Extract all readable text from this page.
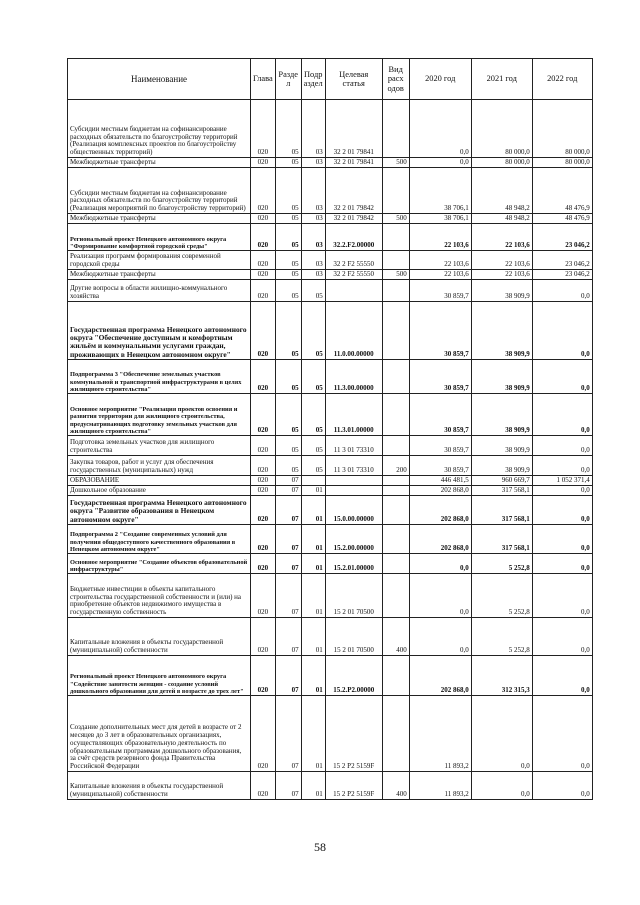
Наименование	Глава	Разде л	Подр аздел	Целевая статья	Вид расх одов	2020 год	2021 год	2022 год
Субсидии местным бюджетам на софинансирование расходных обязательств по благоустройству территорий (Реализация комплексных проектов по благоустройству общественных территорий)	020	05	03	32 2 01 79841		0,0	80 000,0	80 000,0
Межбюджетные трансферты	020	05	03	32 2 01 79841	500	0,0	80 000,0	80 000,0
Субсидии местным бюджетам на софинансирование расходных обязательств по благоустройству территорий (Реализация мероприятий по благоустройству территорий)	020	05	03	32 2 01 79842		38 706,1	48 948,2	48 476,9
Межбюджетные трансферты	020	05	03	32 2 01 79842	500	38 706,1	48 948,2	48 476,9
Региональный проект Ненецкого автономного округа "Формирование комфортной городской среды"	020	05	03	32.2.F2.00000		22 103,6	22 103,6	23 046,2
Реализация программ формирования современной городской среды	020	05	03	32 2 F2 55550		22 103,6	22 103,6	23 046,2
Межбюджетные трансферты	020	05	03	32 2 F2 55550	500	22 103,6	22 103,6	23 046,2
Другие вопросы в области жилищно-коммунального хозяйства	020	05	05			30 859,7	38 909,9	0,0
Государственная программа Ненецкого автономного округа "Обеспечение доступным и комфортным жильём и коммунальными услугами граждан, проживающих в Ненецком автономном округе"	020	05	05	11.0.00.00000		30 859,7	38 909,9	0,0
Подпрограмма 3 "Обеспечение земельных участков коммунальной и транспортной инфраструктурами в целях жилищного строительства"	020	05	05	11.3.00.00000		30 859,7	38 909,9	0,0
Основное мероприятие "Реализация проектов освоения и развития территории для жилищного строительства, предусматривающих подготовку земельных участков для жилищного строительства"	020	05	05	11.3.01.00000		30 859,7	38 909,9	0,0
Подготовка земельных участков для жилищного строительства	020	05	05	11 3 01 73310		30 859,7	38 909,9	0,0
Закупка товаров, работ и услуг для обеспечения государственных (муниципальных) нужд	020	05	05	11 3 01 73310	200	30 859,7	38 909,9	0,0
ОБРАЗОВАНИЕ	020	07				446 481,5	960 669,7	1 052 371,4
Дошкольное образование	020	07	01			202 868,0	317 568,1	0,0
Государственная программа Ненецкого автономного округа "Развитие образования в Ненецком автономном округе"	020	07	01	15.0.00.00000		202 868,0	317 568,1	0,0
Подпрограмма 2 "Создание современных условий для получения общедоступного качественного образования в Ненецком автономном округе"	020	07	01	15.2.00.00000		202 868,0	317 568,1	0,0
Основное мероприятие "Создание объектов образовательной инфраструктуры"	020	07	01	15.2.01.00000		0,0	5 252,8	0,0
Бюджетные инвестиции в объекты капитального строительства государственной собственности и (или) на приобретение объектов недвижимого имущества в государственную собственность	020	07	01	15 2 01 70500		0,0	5 252,8	0,0
Капитальные вложения в объекты государственной (муниципальной) собственности	020	07	01	15 2 01 70500	400	0,0	5 252,8	0,0
Региональный проект Ненецкого автономного округа "Содействие занятости женщин - создание условий дошкольного образования для детей в возрасте до трех лет"	020	07	01	15.2.P2.00000		202 868,0	312 315,3	0,0
Создание дополнительных мест для детей в возрасте от 2 месяцев до 3 лет в образовательных организациях, осуществляющих образовательную деятельность по образовательным программам дошкольного образования, за счёт средств резервного фонда Правительства Российской Федерации	020	07	01	15 2 P2 5159F		11 893,2	0,0	0,0
Капитальные вложения в объекты государственной (муниципальной) собственности	020	07	01	15 2 P2 5159F	400	11 893,2	0,0	0,0
58
